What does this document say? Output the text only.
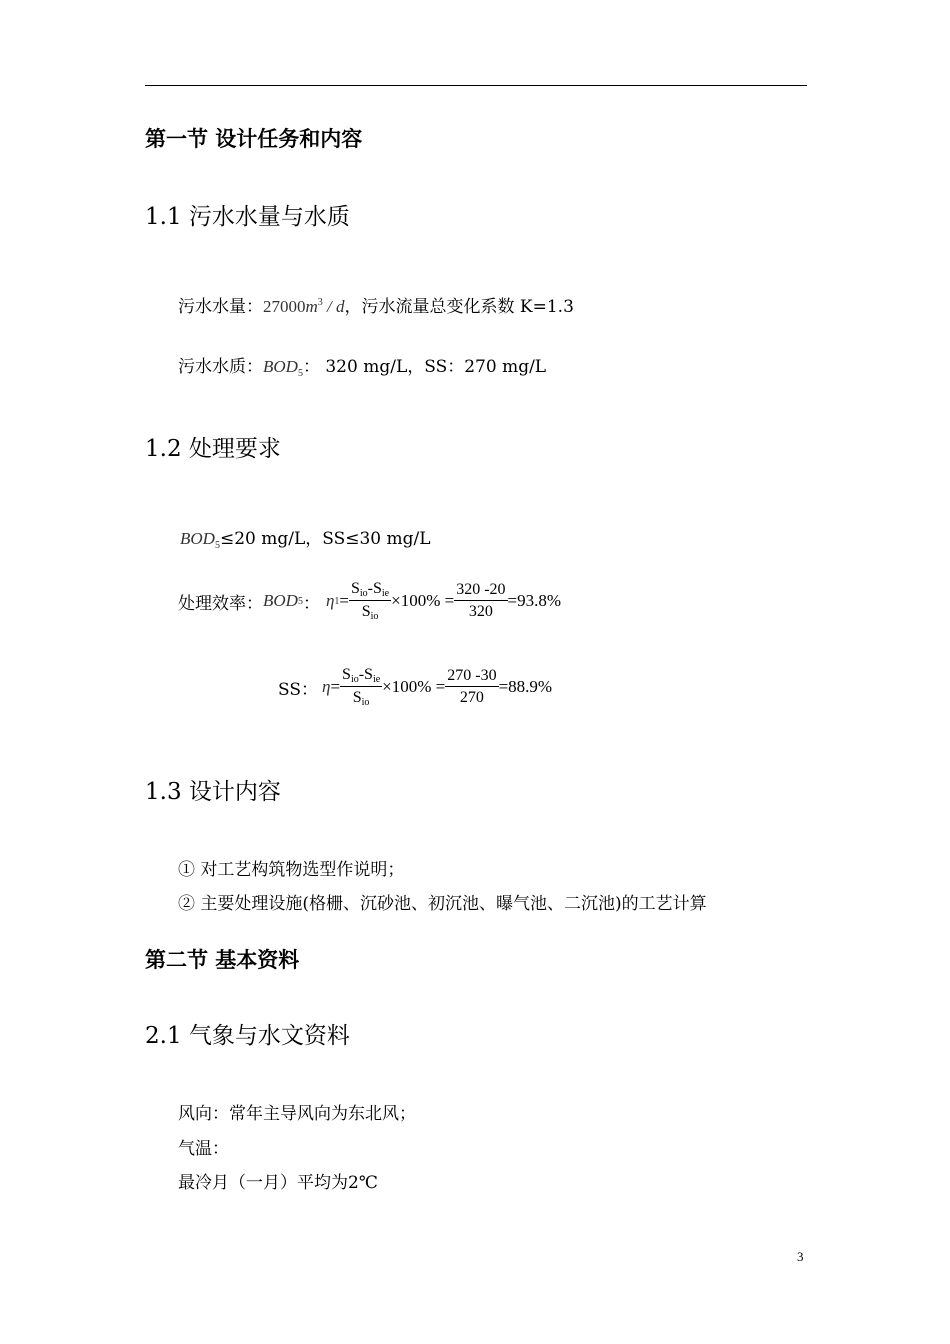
第一节 设计任务和内容
1.1 污水水量与水质
污水水量：$27000m^3$ / d，污水流量总变化系数 K=1.3
污水水质：$BOD_5$： 320 mg/L，SS：270 mg/L
1.2 处理要求
$BOD_5\le 20$ mg/L，SS≤30 mg/L
处理效率： BOD 5 ： η $1 = \frac{\text{Sio-Sie}}{\text{Sio}} \times 100\% = \frac{320 -20}{320} =93.8\%$
SS： $\eta = \frac{\text{Sio-Sie}}{\text{Sio}} \times 100\% = \frac{270 -30}{270} =88.9\%$
1.3 设计内容
① 对工艺构筑物选型作说明；
② 主要处理设施(格栅、沉砂池、初沉池、曝气池、二沉池)的工艺计算
第二节 基本资料
2.1 气象与水文资料
风向：常年主导风向为东北风；
气温：
最冷月（一月）平均为2℃
3
